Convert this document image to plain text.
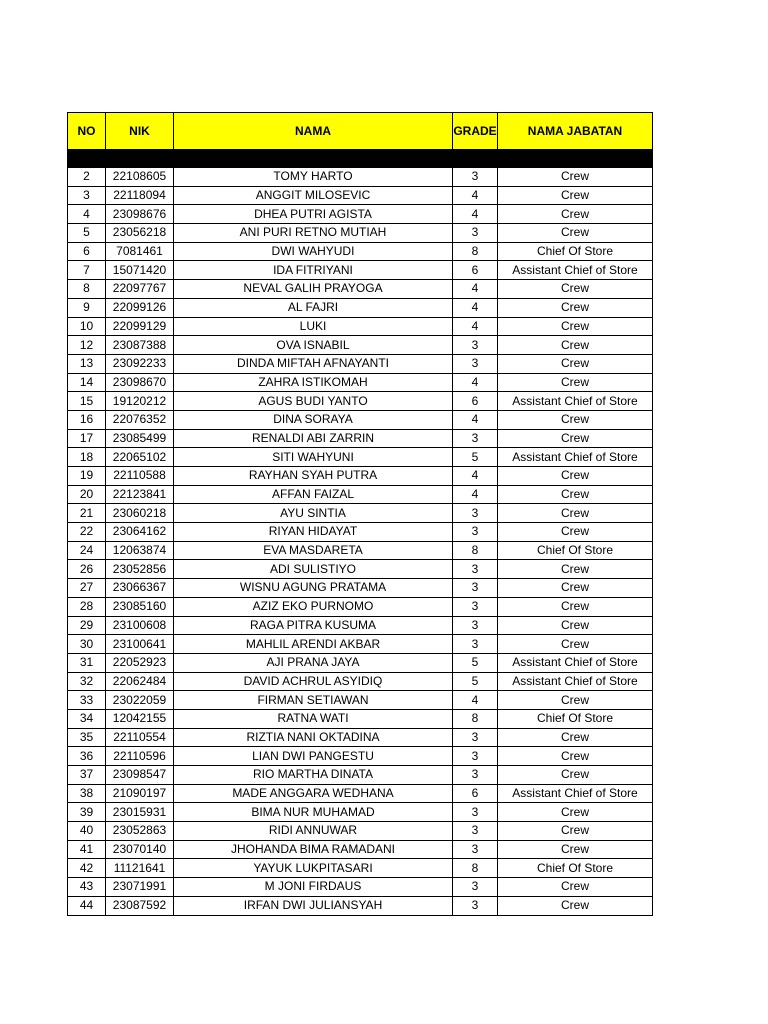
NO	NIK	NAMA	GRADE	NAMA JABATAN

2	22108605	TOMY HARTO	3	Crew
3	22118094	ANGGIT MILOSEVIC	4	Crew
4	23098676	DHEA PUTRI AGISTA	4	Crew
5	23056218	ANI PURI RETNO MUTIAH	3	Crew
6	7081461	DWI WAHYUDI	8	Chief Of Store
7	15071420	IDA FITRIYANI	6	Assistant Chief of Store
8	22097767	NEVAL GALIH PRAYOGA	4	Crew
9	22099126	AL FAJRI	4	Crew
10	22099129	LUKI	4	Crew
12	23087388	OVA ISNABIL	3	Crew
13	23092233	DINDA MIFTAH AFNAYANTI	3	Crew
14	23098670	ZAHRA ISTIKOMAH	4	Crew
15	19120212	AGUS BUDI YANTO	6	Assistant Chief of Store
16	22076352	DINA SORAYA	4	Crew
17	23085499	RENALDI ABI ZARRIN	3	Crew
18	22065102	SITI WAHYUNI	5	Assistant Chief of Store
19	22110588	RAYHAN SYAH PUTRA	4	Crew
20	22123841	AFFAN FAIZAL	4	Crew
21	23060218	AYU SINTIA	3	Crew
22	23064162	RIYAN HIDAYAT	3	Crew
24	12063874	EVA MASDARETA	8	Chief Of Store
26	23052856	ADI SULISTIYO	3	Crew
27	23066367	WISNU AGUNG PRATAMA	3	Crew
28	23085160	AZIZ EKO PURNOMO	3	Crew
29	23100608	RAGA PITRA KUSUMA	3	Crew
30	23100641	MAHLIL ARENDI AKBAR	3	Crew
31	22052923	AJI PRANA JAYA	5	Assistant Chief of Store
32	22062484	DAVID ACHRUL ASYIDIQ	5	Assistant Chief of Store
33	23022059	FIRMAN SETIAWAN	4	Crew
34	12042155	RATNA WATI	8	Chief Of Store
35	22110554	RIZTIA NANI OKTADINA	3	Crew
36	22110596	LIAN DWI PANGESTU	3	Crew
37	23098547	RIO MARTHA DINATA	3	Crew
38	21090197	MADE ANGGARA WEDHANA	6	Assistant Chief of Store
39	23015931	BIMA NUR MUHAMAD	3	Crew
40	23052863	RIDI ANNUWAR	3	Crew
41	23070140	JHOHANDA BIMA RAMADANI	3	Crew
42	11121641	YAYUK LUKPITASARI	8	Chief Of Store
43	23071991	M JONI FIRDAUS	3	Crew
44	23087592	IRFAN DWI JULIANSYAH	3	Crew
